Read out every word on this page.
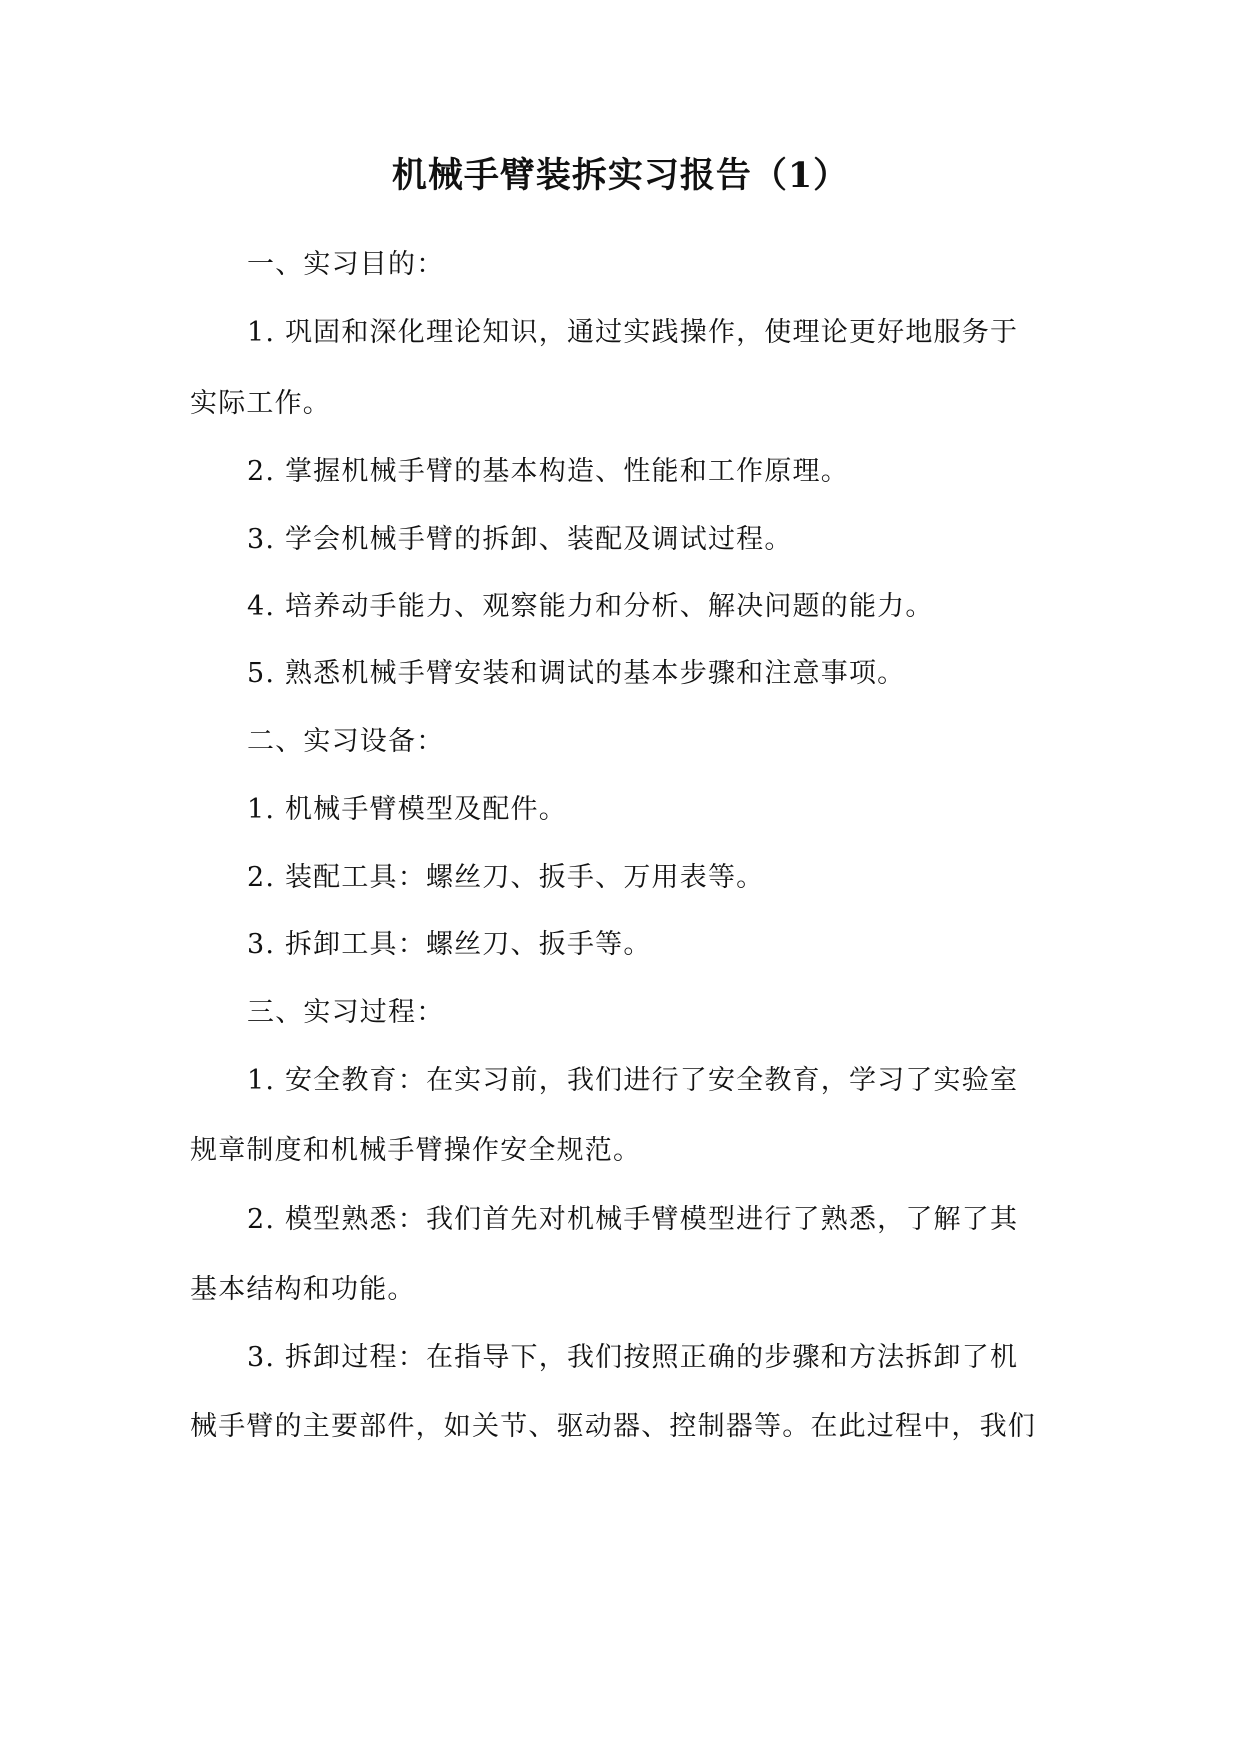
机械手臂装拆实习报告（1）
一、实习目的：
1. 巩固和深化理论知识，通过实践操作，使理论更好地服务于
实际工作。
2. 掌握机械手臂的基本构造、性能和工作原理。
3. 学会机械手臂的拆卸、装配及调试过程。
4. 培养动手能力、观察能力和分析、解决问题的能力。
5. 熟悉机械手臂安装和调试的基本步骤和注意事项。
二、实习设备：
1. 机械手臂模型及配件。
2. 装配工具：螺丝刀、扳手、万用表等。
3. 拆卸工具：螺丝刀、扳手等。
三、实习过程：
1. 安全教育：在实习前，我们进行了安全教育，学习了实验室
规章制度和机械手臂操作安全规范。
2. 模型熟悉：我们首先对机械手臂模型进行了熟悉，了解了其
基本结构和功能。
3. 拆卸过程：在指导下，我们按照正确的步骤和方法拆卸了机
械手臂的主要部件，如关节、驱动器、控制器等。在此过程中，我们
